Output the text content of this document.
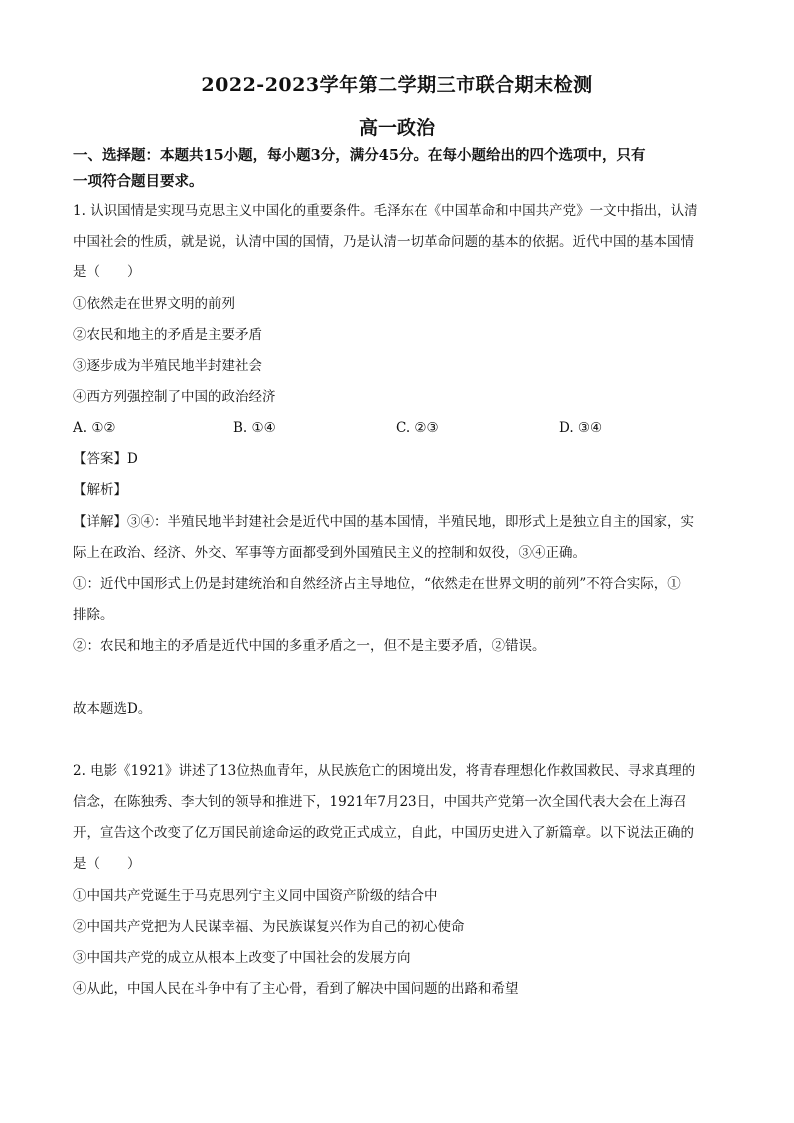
2022-2023学年第二学期三市联合期末检测
高一政治
一、选择题：本题共15小题，每小题3分，满分45分。在每小题给出的四个选项中，只有
一项符合题目要求。
1. 认识国情是实现马克思主义中国化的重要条件。毛泽东在《中国革命和中国共产党》一文中指出，认清
中国社会的性质，就是说，认清中国的国情，乃是认清一切革命问题的基本的依据。近代中国的基本国情
是（　　）
①依然走在世界文明的前列
②农民和地主的矛盾是主要矛盾
③逐步成为半殖民地半封建社会
④西方列强控制了中国的政治经济
A. ①②	B. ①④	C. ②③	D. ③④
【答案】D
【解析】
【详解】③④：半殖民地半封建社会是近代中国的基本国情，半殖民地，即形式上是独立自主的国家，实
际上在政治、经济、外交、军事等方面都受到外国殖民主义的控制和奴役，③④正确。
①：近代中国形式上仍是封建统治和自然经济占主导地位，“依然走在世界文明的前列”不符合实际，①
排除。
②：农民和地主的矛盾是近代中国的多重矛盾之一，但不是主要矛盾，②错误。
故本题选D。
2. 电影《1921》讲述了13位热血青年，从民族危亡的困境出发，将青春理想化作救国救民、寻求真理的
信念，在陈独秀、李大钊的领导和推进下，1921年7月23日，中国共产党第一次全国代表大会在上海召
开，宣告这个改变了亿万国民前途命运的政党正式成立，自此，中国历史进入了新篇章。以下说法正确的
是（　　）
①中国共产党诞生于马克思列宁主义同中国资产阶级的结合中
②中国共产党把为人民谋幸福、为民族谋复兴作为自己的初心使命
③中国共产党的成立从根本上改变了中国社会的发展方向
④从此，中国人民在斗争中有了主心骨，看到了解决中国问题的出路和希望
